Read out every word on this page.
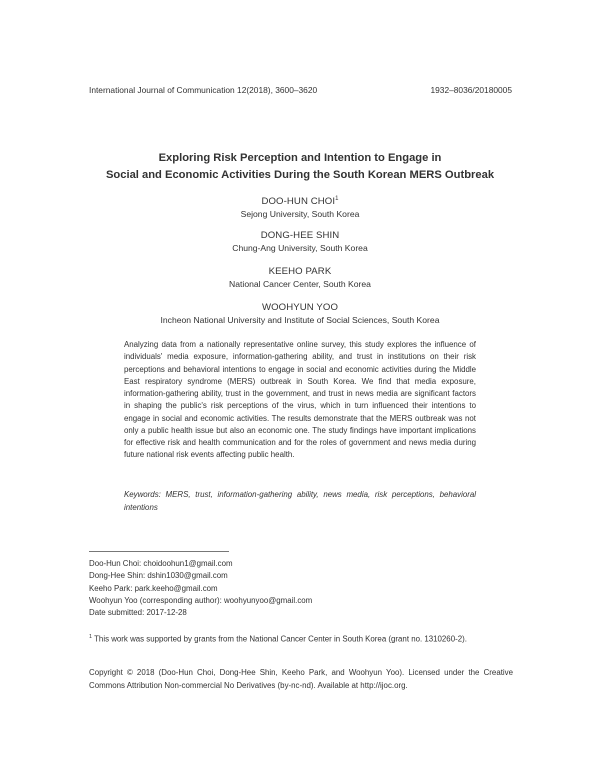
International Journal of Communication 12(2018), 3600–3620	1932–8036/20180005
Exploring Risk Perception and Intention to Engage in
Social and Economic Activities During the South Korean MERS Outbreak
DOO-HUN CHOI$^1$
Sejong University, South Korea
DONG-HEE SHIN
Chung-Ang University, South Korea
KEEHO PARK
National Cancer Center, South Korea
WOOHYUN YOO
Incheon National University and Institute of Social Sciences, South Korea
Analyzing data from a nationally representative online survey, this study explores the influence of individuals' media exposure, information-gathering ability, and trust in institutions on their risk perceptions and behavioral intentions to engage in social and economic activities during the Middle East respiratory syndrome (MERS) outbreak in South Korea. We find that media exposure, information-gathering ability, trust in the government, and trust in news media are significant factors in shaping the public's risk perceptions of the virus, which in turn influenced their intentions to engage in social and economic activities. The results demonstrate that the MERS outbreak was not only a public health issue but also an economic one. The study findings have important implications for effective risk and health communication and for the roles of government and news media during future national risk events affecting public health.
Keywords: MERS, trust, information-gathering ability, news media, risk perceptions, behavioral intentions
Doo-Hun Choi: choidoohun1@gmail.com
Dong-Hee Shin: dshin1030@gmail.com
Keeho Park: park.keeho@gmail.com
Woohyun Yoo (corresponding author): woohyunyoo@gmail.com
Date submitted: 2017-12-28
$^1$ This work was supported by grants from the National Cancer Center in South Korea (grant no. 1310260-2).
Copyright © 2018 (Doo-Hun Choi, Dong-Hee Shin, Keeho Park, and Woohyun Yoo). Licensed under the Creative Commons Attribution Non-commercial No Derivatives (by-nc-nd). Available at http://ijoc.org.
